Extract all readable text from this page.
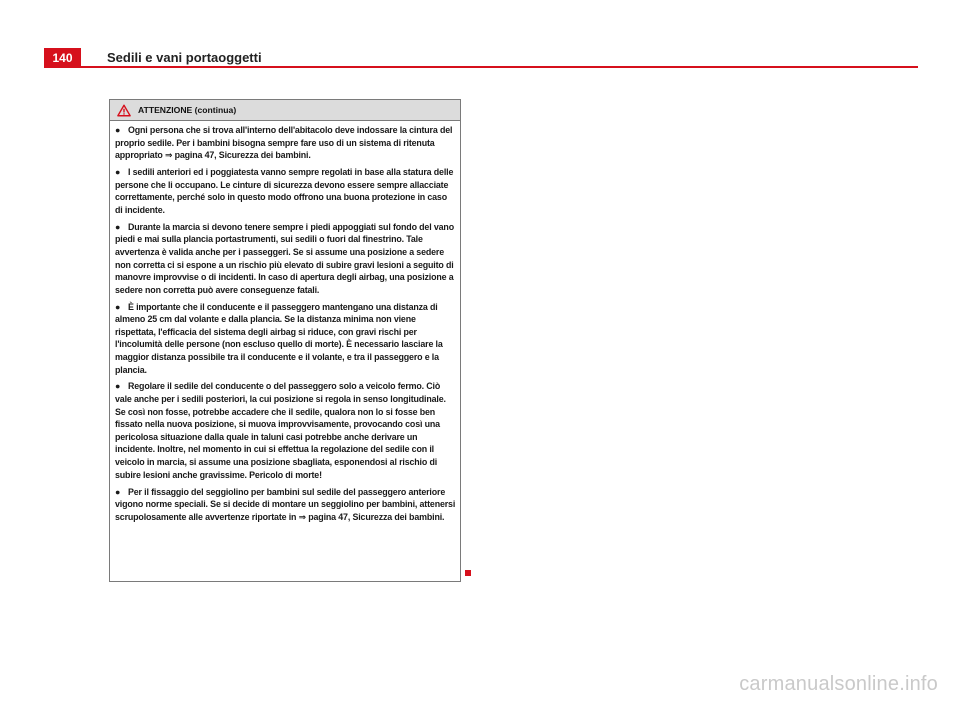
140	Sedili e vani portaoggetti
ATTENZIONE (continua)

● Ogni persona che si trova all'interno dell'abitacolo deve indossare la cintura del proprio sedile. Per i bambini bisogna sempre fare uso di un sistema di ritenuta appropriato ⇒ pagina 47, Sicurezza dei bambini.

● I sedili anteriori ed i poggiatesta vanno sempre regolati in base alla statura delle persone che li occupano. Le cinture di sicurezza devono essere sempre allacciate correttamente, perché solo in questo modo offrono una buona protezione in caso di incidente.

● Durante la marcia si devono tenere sempre i piedi appoggiati sul fondo del vano piedi e mai sulla plancia portastrumenti, sui sedili o fuori dal finestrino. Tale avvertenza è valida anche per i passeggeri. Se si assume una posizione a sedere non corretta ci si espone a un rischio più elevato di subire gravi lesioni a seguito di manovre improvvise o di incidenti. In caso di apertura degli airbag, una posizione a sedere non corretta può avere conseguenze fatali.

● È importante che il conducente e il passeggero mantengano una distanza di almeno 25 cm dal volante e dalla plancia. Se la distanza minima non viene rispettata, l'efficacia del sistema degli airbag si riduce, con gravi rischi per l'incolumità delle persone (non escluso quello di morte). È necessario lasciare la maggior distanza possibile tra il conducente e il volante, e tra il passeggero e la plancia.

● Regolare il sedile del conducente o del passeggero solo a veicolo fermo. Ciò vale anche per i sedili posteriori, la cui posizione si regola in senso longitudinale. Se così non fosse, potrebbe accadere che il sedile, qualora non lo si fosse ben fissato nella nuova posizione, si muova improvvisamente, provocando così una pericolosa situazione dalla quale in taluni casi potrebbe anche derivare un incidente. Inoltre, nel momento in cui si effettua la regolazione del sedile con il veicolo in marcia, si assume una posizione sbagliata, esponendosi al rischio di subire lesioni anche gravissime. Pericolo di morte!

● Per il fissaggio del seggiolino per bambini sul sedile del passeggero anteriore vigono norme speciali. Se si decide di montare un seggiolino per bambini, attenersi scrupolosamente alle avvertenze riportate in ⇒ pagina 47, Sicurezza dei bambini.

carmanualsonline.info
